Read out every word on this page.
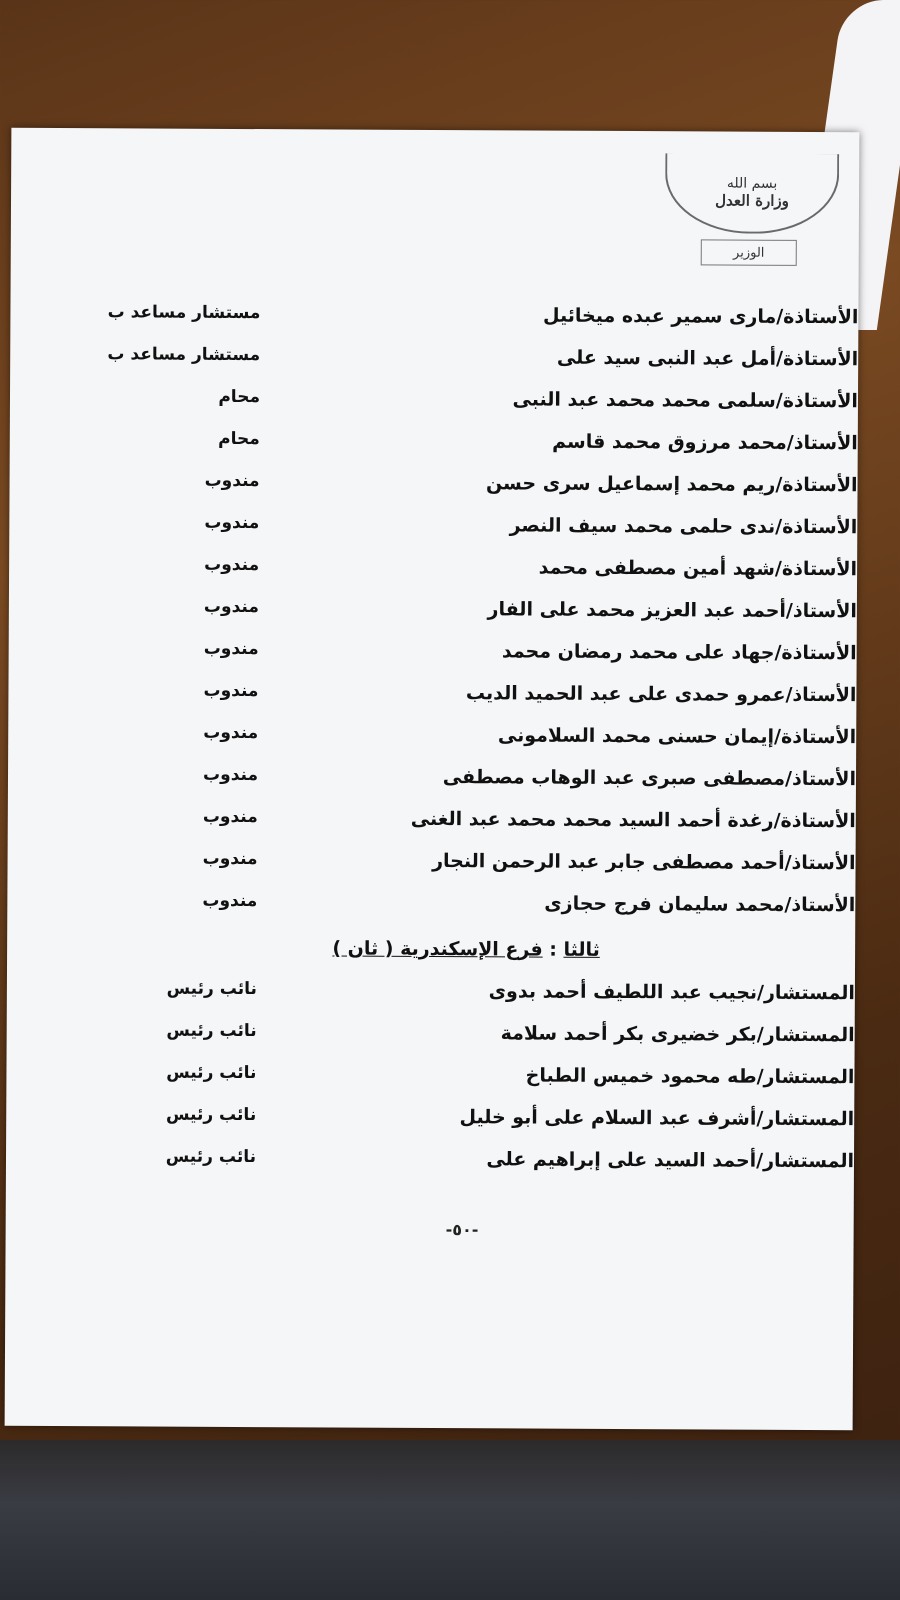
بسم الله
وزارة العدل
الوزير
الأستاذة/مارى سمير عبده ميخائيل
مستشار مساعد ب
الأستاذة/أمل عبد النبى سيد على
مستشار مساعد ب
الأستاذة/سلمى محمد محمد عبد النبى
محام
الأستاذ/محمد مرزوق محمد قاسم
محام
الأستاذة/ريم محمد إسماعيل سرى حسن
مندوب
الأستاذة/ندى حلمى محمد سيف النصر
مندوب
الأستاذة/شهد أمين مصطفى محمد
مندوب
الأستاذ/أحمد عبد العزيز محمد على الفار
مندوب
الأستاذة/جهاد على محمد رمضان محمد
مندوب
الأستاذ/عمرو حمدى على عبد الحميد الديب
مندوب
الأستاذة/إيمان حسنى محمد السلامونى
مندوب
الأستاذ/مصطفى صبرى عبد الوهاب مصطفى
مندوب
الأستاذة/رغدة أحمد السيد محمد محمد عبد الغنى
مندوب
الأستاذ/أحمد مصطفى جابر عبد الرحمن النجار
مندوب
الأستاذ/محمد سليمان فرج حجازى
مندوب
ثالثا : فرع الإسكندرية ( ثان )
المستشار/نجيب عبد اللطيف أحمد بدوى
نائب رئيس
المستشار/بكر خضيرى بكر أحمد سلامة
نائب رئيس
المستشار/طه محمود خميس الطباخ
نائب رئيس
المستشار/أشرف عبد السلام على أبو خليل
نائب رئيس
المستشار/أحمد السيد على إبراهيم على
نائب رئيس
-٥٠-
